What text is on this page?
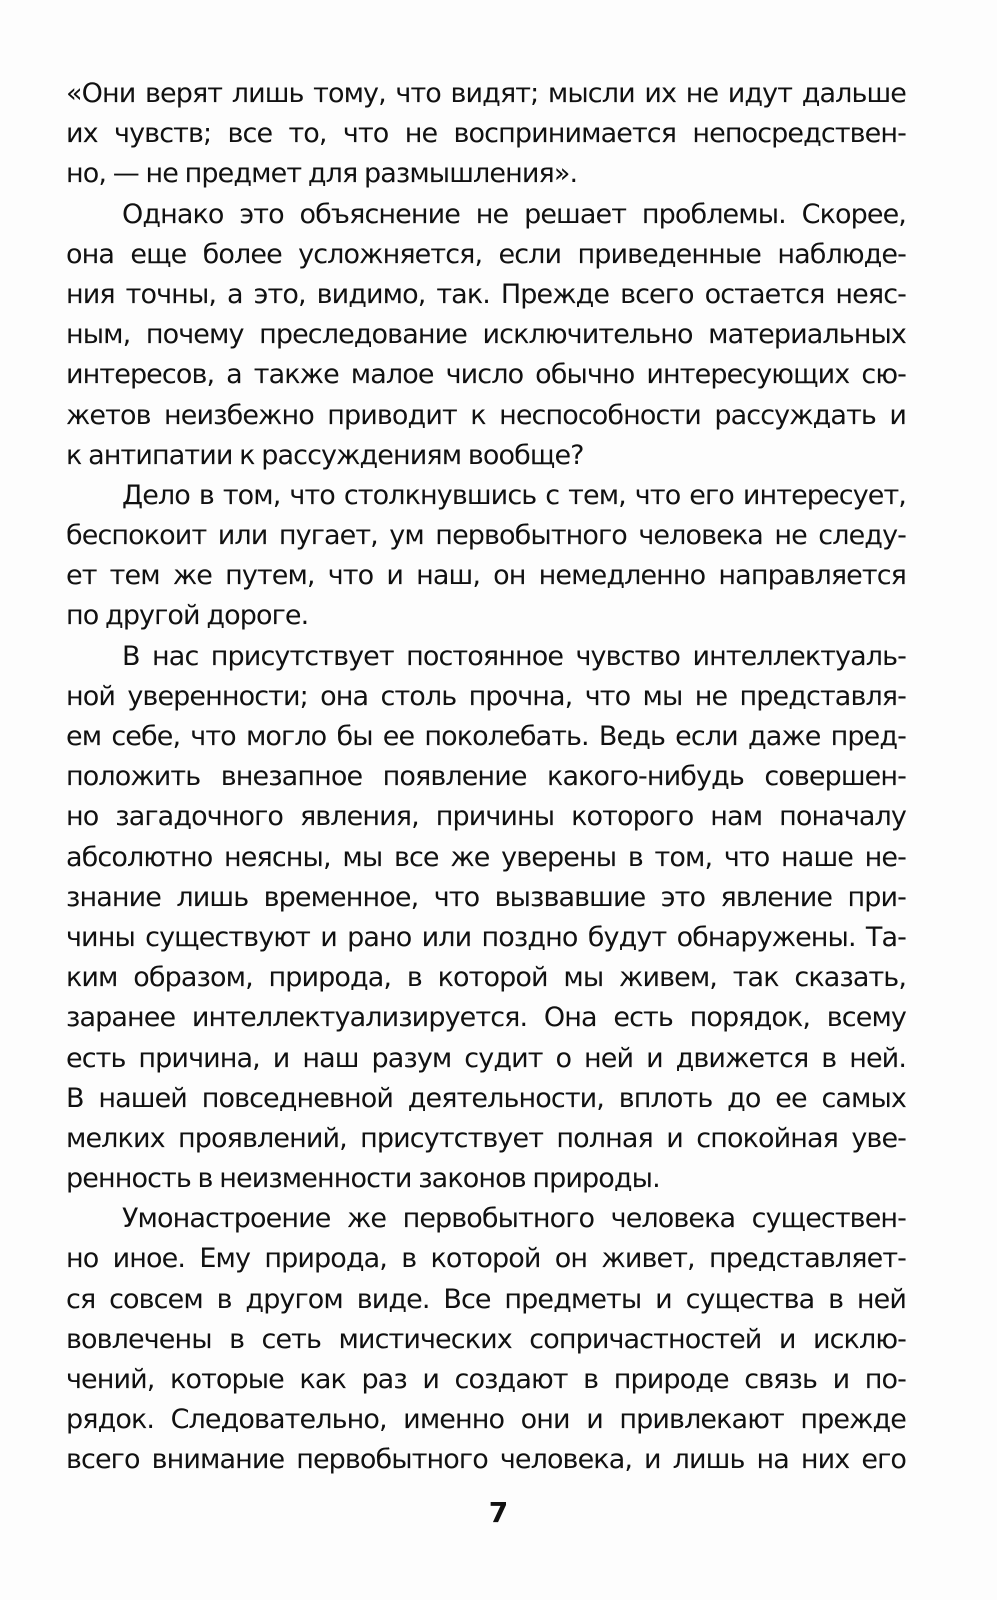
«Они верят лишь тому, что видят; мысли их не идут дальше
их чувств; все то, что не воспринимается непосредствен-
но, — не предмет для размышления».
Однако это объяснение не решает проблемы. Скорее,
она еще более усложняется, если приведенные наблюде-
ния точны, а это, видимо, так. Прежде всего остается неяс-
ным, почему преследование исключительно материальных
интересов, а также малое число обычно интересующих сю-
жетов неизбежно приводит к неспособности рассуждать и
к антипатии к рассуждениям вообще?
Дело в том, что столкнувшись с тем, что его интересует,
беспокоит или пугает, ум первобытного человека не следу-
ет тем же путем, что и наш, он немедленно направляется
по другой дороге.
В нас присутствует постоянное чувство интеллектуаль-
ной уверенности; она столь прочна, что мы не представля-
ем себе, что могло бы ее поколебать. Ведь если даже пред-
положить внезапное появление какого-нибудь совершен-
но загадочного явления, причины которого нам поначалу
абсолютно неясны, мы все же уверены в том, что наше не-
знание лишь временное, что вызвавшие это явление при-
чины существуют и рано или поздно будут обнаружены. Та-
ким образом, природа, в которой мы живем, так сказать,
заранее интеллектуализируется. Она есть порядок, всему
есть причина, и наш разум судит о ней и движется в ней.
В нашей повседневной деятельности, вплоть до ее самых
мелких проявлений, присутствует полная и спокойная уве-
ренность в неизменности законов природы.
Умонастроение же первобытного человека существен-
но иное. Ему природа, в которой он живет, представляет-
ся совсем в другом виде. Все предметы и существа в ней
вовлечены в сеть мистических сопричастностей и исклю-
чений, которые как раз и создают в природе связь и по-
рядок. Следовательно, именно они и привлекают прежде
всего внимание первобытного человека, и лишь на них его
7
